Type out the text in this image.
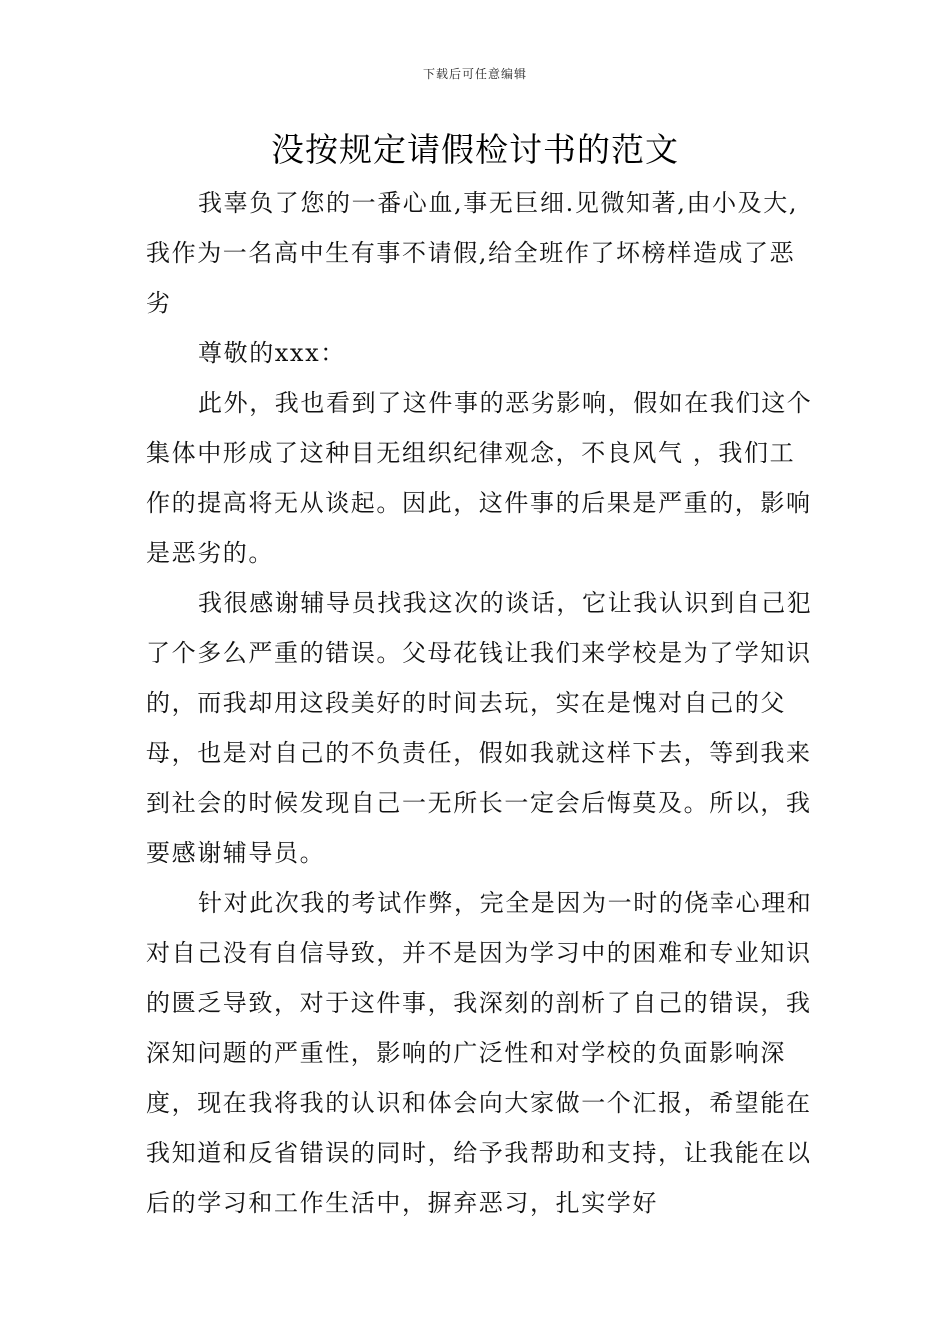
下载后可任意编辑
没按规定请假检讨书的范文

我辜负了您的一番心血,事无巨细.见微知著,由小及大,我作为一名高中生有事不请假,给全班作了坏榜样造成了恶劣

尊敬的xxx：

此外，我也看到了这件事的恶劣影响，假如在我们这个集体中形成了这种目无组织纪律观念，不良风气 ，我们工作的提高将无从谈起。因此，这件事的后果是严重的，影响是恶劣的。

我很感谢辅导员找我这次的谈话，它让我认识到自己犯了个多么严重的错误。父母花钱让我们来学校是为了学知识的，而我却用这段美好的时间去玩，实在是愧对自己的父母，也是对自己的不负责任，假如我就这样下去，等到我来到社会的时候发现自己一无所长一定会后悔莫及。所以，我要感谢辅导员。

针对此次我的考试作弊，完全是因为一时的侥幸心理和对自己没有自信导致，并不是因为学习中的困难和专业知识的匮乏导致，对于这件事，我深刻的剖析了自己的错误，我深知问题的严重性，影响的广泛性和对学校的负面影响深度，现在我将我的认识和体会向大家做一个汇报，希望能在我知道和反省错误的同时，给予我帮助和支持，让我能在以后的学习和工作生活中，摒弃恶习，扎实学好
